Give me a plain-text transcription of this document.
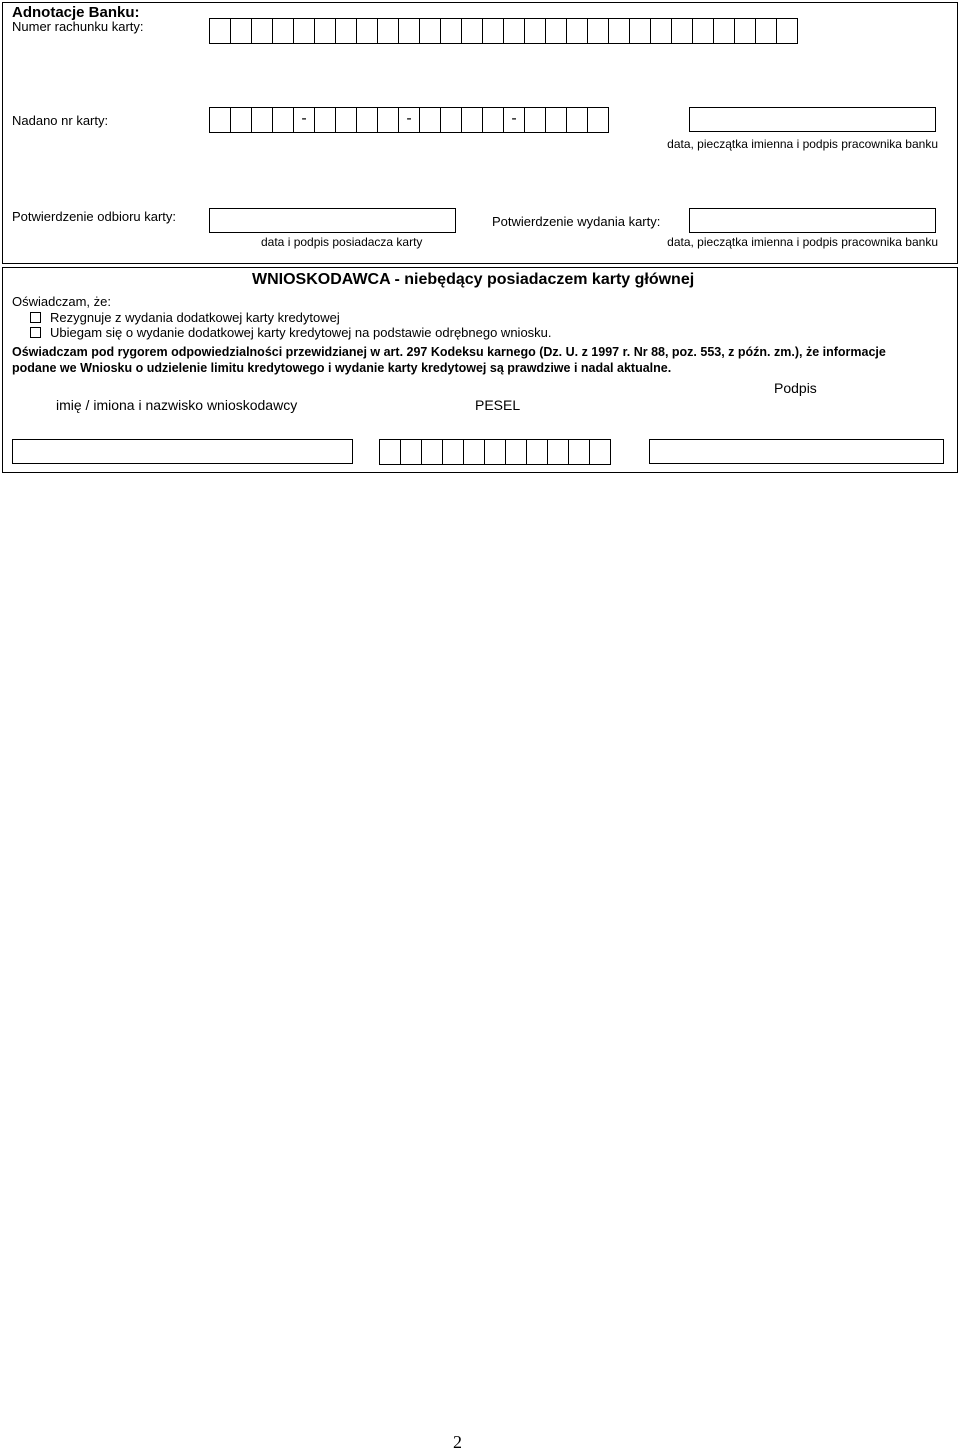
Adnotacje Banku:
Numer rachunku karty:
Nadano nr karty:	-	-	-
data, pieczątka imienna i podpis pracownika banku
Potwierdzenie odbioru karty:
data i podpis posiadacza karty
Potwierdzenie wydania karty:
data, pieczątka imienna i podpis pracownika banku
WNIOSKODAWCA - niebędący posiadaczem karty głównej
Oświadczam, że:
Rezygnuje z wydania dodatkowej karty kredytowej
Ubiegam się o wydanie dodatkowej karty kredytowej na podstawie odrębnego wniosku.
Oświadczam pod rygorem odpowiedzialności przewidzianej w art. 297 Kodeksu karnego (Dz. U. z 1997 r. Nr 88, poz. 553, z późn. zm.), że informacje
podane we Wniosku o udzielenie limitu kredytowego i wydanie karty kredytowej są prawdziwe i nadal aktualne.
Podpis
imię / imiona i nazwisko wnioskodawcy	PESEL
2
